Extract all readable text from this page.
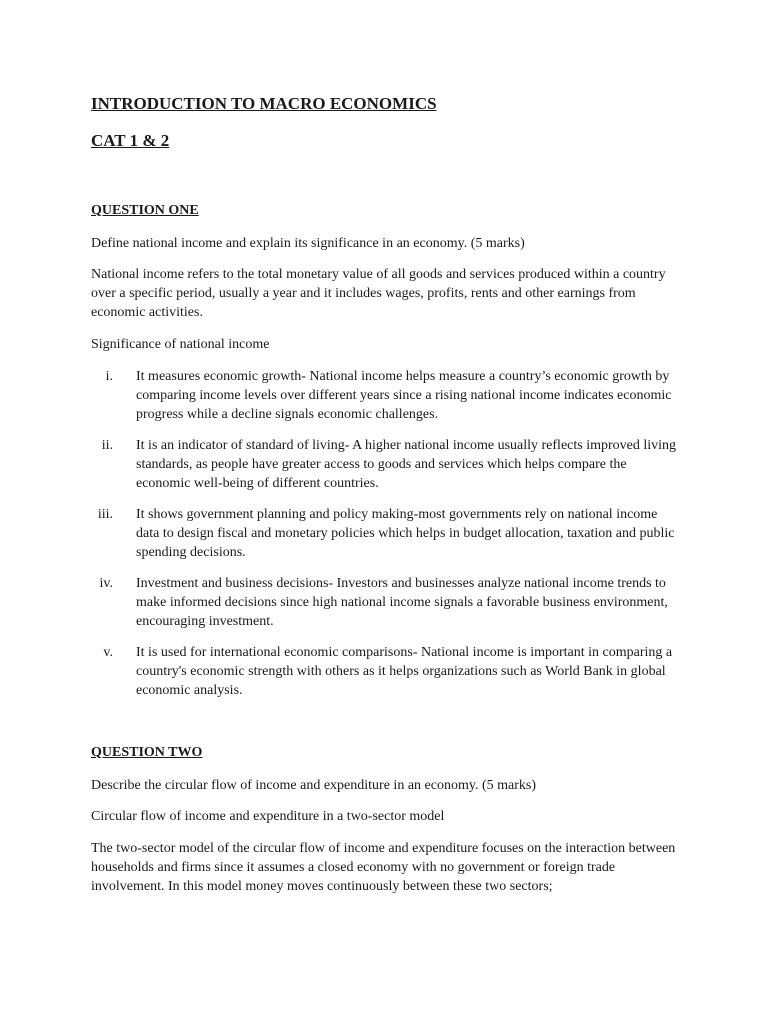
INTRODUCTION TO MACRO ECONOMICS
CAT 1 & 2
QUESTION ONE

Define national income and explain its significance in an economy. (5 marks)

National income refers to the total monetary value of all goods and services produced within a country over a specific period, usually a year and it includes wages, profits, rents and other earnings from economic activities.

Significance of national income

i. It measures economic growth- National income helps measure a country’s economic growth by comparing income levels over different years since a rising national income indicates economic progress while a decline signals economic challenges.
ii. It is an indicator of standard of living- A higher national income usually reflects improved living standards, as people have greater access to goods and services which helps compare the economic well-being of different countries.
iii. It shows government planning and policy making-most governments rely on national income data to design fiscal and monetary policies which helps in budget allocation, taxation and public spending decisions.
iv. Investment and business decisions- Investors and businesses analyze national income trends to make informed decisions since high national income signals a favorable business environment, encouraging investment.
v. It is used for international economic comparisons- National income is important in comparing a country's economic strength with others as it helps organizations such as World Bank in global economic analysis.
QUESTION TWO

Describe the circular flow of income and expenditure in an economy. (5 marks)

Circular flow of income and expenditure in a two-sector model

The two-sector model of the circular flow of income and expenditure focuses on the interaction between households and firms since it assumes a closed economy with no government or foreign trade involvement. In this model money moves continuously between these two sectors;
